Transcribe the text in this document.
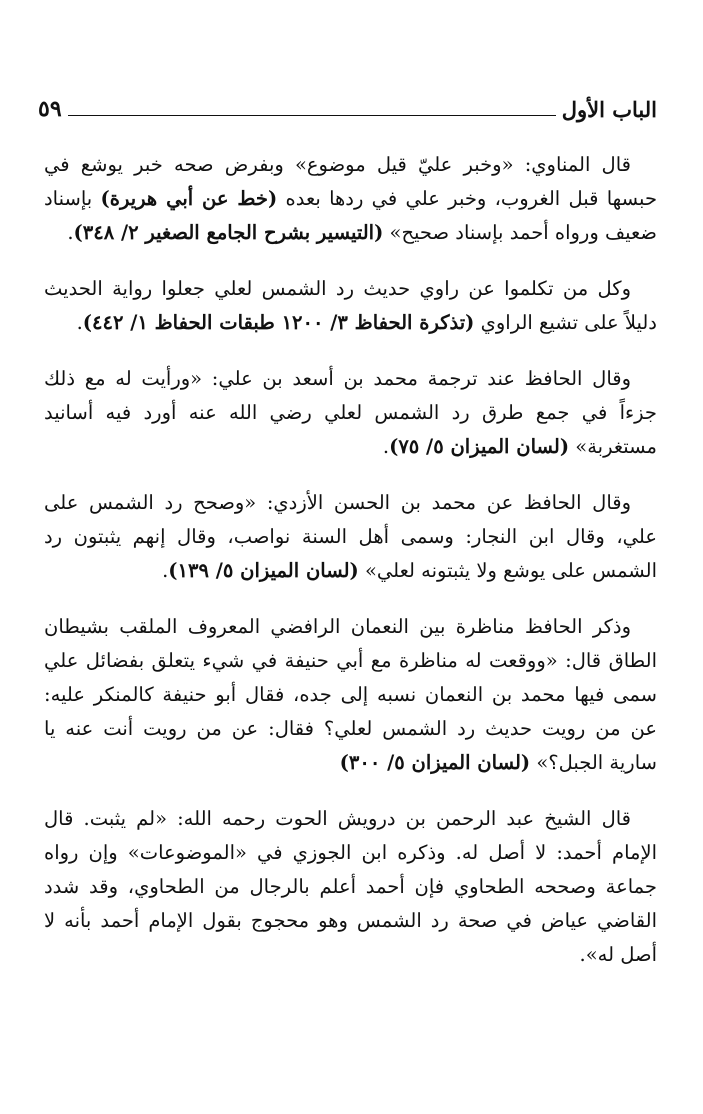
الباب الأول
٥٩

قال المناوي: «وخبر عليّ قيل موضوع» وبفرض صحه خبر يوشع في حبسها قبل الغروب، وخبر علي في ردها بعده (خط عن أبي هريرة) بإسناد ضعيف ورواه أحمد بإسناد صحيح» (التيسير بشرح الجامع الصغير ٢/ ٣٤٨).

وكل من تكلموا عن راوي حديث رد الشمس لعلي جعلوا رواية الحديث دليلاً على تشيع الراوي (تذكرة الحفاظ ٣/ ١٢٠٠ طبقات الحفاظ ١/ ٤٤٢).

وقال الحافظ عند ترجمة محمد بن أسعد بن علي: «ورأيت له مع ذلك جزءاً في جمع طرق رد الشمس لعلي رضي الله عنه أورد فيه أسانيد مستغربة» (لسان الميزان ٥/ ٧٥).

وقال الحافظ عن محمد بن الحسن الأزدي: «وصحح رد الشمس على علي، وقال ابن النجار: وسمى أهل السنة نواصب، وقال إنهم يثبتون رد الشمس على يوشع ولا يثبتونه لعلي» (لسان الميزان ٥/ ١٣٩).

وذكر الحافظ مناظرة بين النعمان الرافضي المعروف الملقب بشيطان الطاق قال: «ووقعت له مناظرة مع أبي حنيفة في شيء يتعلق بفضائل علي سمى فيها محمد بن النعمان نسبه إلى جده، فقال أبو حنيفة كالمنكر عليه: عن من رويت حديث رد الشمس لعلي؟ فقال: عن من رويت أنت عنه يا سارية الجبل؟» (لسان الميزان ٥/ ٣٠٠)

قال الشيخ عبد الرحمن بن درويش الحوت رحمه الله: «لم يثبت. قال الإمام أحمد: لا أصل له. وذكره ابن الجوزي في «الموضوعات» وإن رواه جماعة وصححه الطحاوي فإن أحمد أعلم بالرجال من الطحاوي، وقد شدد القاضي عياض في صحة رد الشمس وهو محجوج بقول الإمام أحمد بأنه لا أصل له».
